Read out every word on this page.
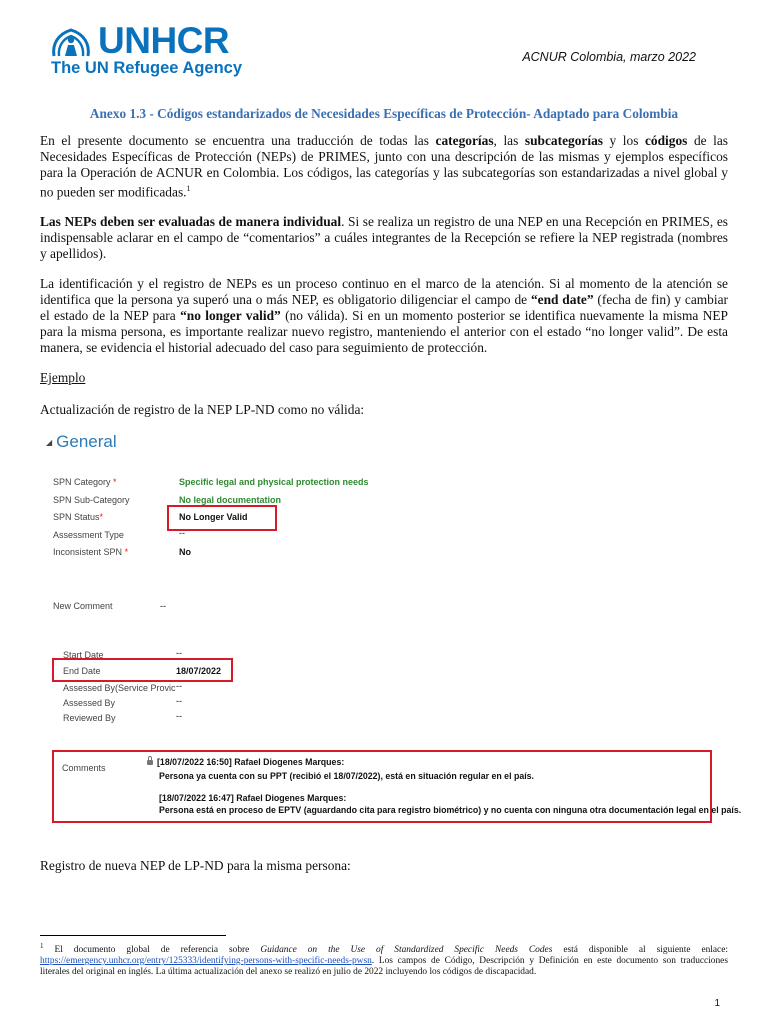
UNHCR
The UN Refugee Agency
ACNUR Colombia, marzo 2022
Anexo 1.3 - Códigos estandarizados de Necesidades Específicas de Protección- Adaptado para Colombia
En el presente documento se encuentra una traducción de todas las categorías, las subcategorías y los códigos de las Necesidades Específicas de Protección (NEPs) de PRIMES, junto con una descripción de las mismas y ejemplos específicos para la Operación de ACNUR en Colombia. Los códigos, las categorías y las subcategorías son estandarizadas a nivel global y no pueden ser modificadas.$^1$
Las NEPs deben ser evaluadas de manera individual. Si se realiza un registro de una NEP en una Recepción en PRIMES, es indispensable aclarar en el campo de “comentarios” a cuáles integrantes de la Recepción se refiere la NEP registrada (nombres y apellidos).
La identificación y el registro de NEPs es un proceso continuo en el marco de la atención. Si al momento de la atención se identifica que la persona ya superó una o más NEP, es obligatorio diligenciar el campo de “end date” (fecha de fin) y cambiar el estado de la NEP para “no longer valid” (no válida). Si en un momento posterior se identifica nuevamente la misma NEP para la misma persona, es importante realizar nuevo registro, manteniendo el anterior con el estado “no longer valid”. De esta manera, se evidencia el historial adecuado del caso para seguimiento de protección.
Ejemplo
Actualización de registro de la NEP LP-ND como no válida:
◢ General
SPN Category *	Specific legal and physical protection needs
SPN Sub-Category	No legal documentation
SPN Status*	No Longer Valid
Assessment Type	--
Inconsistent SPN *	No
New Comment	--
Start Date	--
End Date	18/07/2022
Assessed By(Service Provic --
Assessed By	--
Reviewed By	--
Comments
[18/07/2022 16:50] Rafael Diogenes Marques:
Persona ya cuenta con su PPT (recibió el 18/07/2022), está en situación regular en el país.
[18/07/2022 16:47] Rafael Diogenes Marques:
Persona está en proceso de EPTV (aguardando cita para registro biométrico) y no cuenta con ninguna otra documentación legal en el país.
Registro de nueva NEP de LP-ND para la misma persona:
$^1$ El documento global de referencia sobre Guidance on the Use of Standardized Specific Needs Codes está disponible al siguiente enlace: https://emergency.unhcr.org/entry/125333/identifying-persons-with-specific-needs-pwsn. Los campos de Código, Descripción y Definición en este documento son traducciones literales del original en inglés. La última actualización del anexo se realizó en julio de 2022 incluyendo los códigos de discapacidad.
1
